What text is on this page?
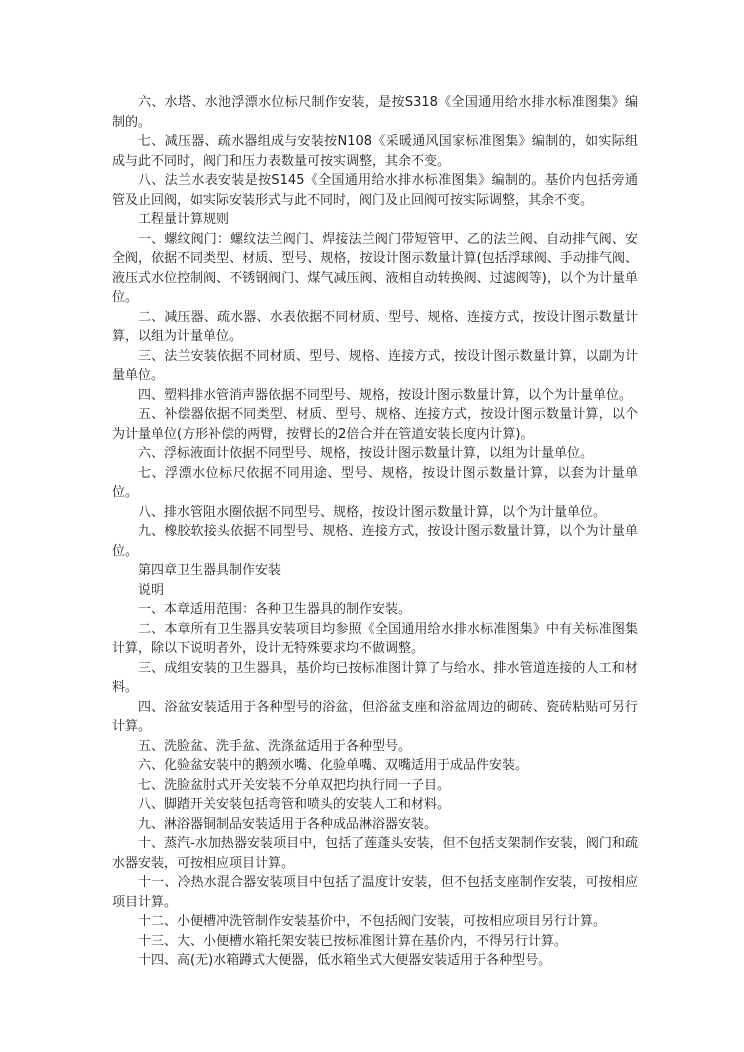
六、水塔、水池浮漂水位标尺制作安装，是按S318《全国通用给水排水标准图集》编制的。

七、减压器、疏水器组成与安装按N108《采暖通风国家标准图集》编制的，如实际组成与此不同时，阀门和压力表数量可按实调整，其余不变。

八、法兰水表安装是按S145《全国通用给水排水标准图集》编制的。基价内包括旁通管及止回阀，如实际安装形式与此不同时，阀门及止回阀可按实际调整，其余不变。

工程量计算规则

一、螺纹阀门：螺纹法兰阀门、焊接法兰阀门带短管甲、乙的法兰阀、自动排气阀、安全阀，依据不同类型、材质、型号、规格，按设计图示数量计算(包括浮球阀、手动排气阀、液压式水位控制阀、不锈钢阀门、煤气减压阀、液相自动转换阀、过滤阀等)，以个为计量单位。

二、减压器、疏水器、水表依据不同材质、型号、规格、连接方式，按设计图示数量计算，以组为计量单位。

三、法兰安装依据不同材质、型号、规格、连接方式，按设计图示数量计算，以副为计量单位。

四、塑料排水管消声器依据不同型号、规格，按设计图示数量计算，以个为计量单位。

五、补偿器依据不同类型、材质、型号、规格、连接方式，按设计图示数量计算，以个为计量单位(方形补偿的两臂，按臂长的2倍合并在管道安装长度内计算)。

六、浮标液面计依据不同型号、规格，按设计图示数量计算，以组为计量单位。

七、浮漂水位标尺依据不同用途、型号、规格，按设计图示数量计算，以套为计量单位。

八、排水管阻水圈依据不同型号、规格，按设计图示数量计算，以个为计量单位。

九、橡胶软接头依据不同型号、规格、连接方式，按设计图示数量计算，以个为计量单位。

第四章卫生器具制作安装

说明

一、本章适用范围：各种卫生器具的制作安装。

二、本章所有卫生器具安装项目均参照《全国通用给水排水标准图集》中有关标准图集计算，除以下说明者外，设计无特殊要求均不做调整。

三、成组安装的卫生器具，基价均已按标准图计算了与给水、排水管道连接的人工和材料。

四、浴盆安装适用于各种型号的浴盆，但浴盆支座和浴盆周边的砌砖、瓷砖粘贴可另行计算。

五、洗脸盆、洗手盆、洗涤盆适用于各种型号。

六、化验盆安装中的鹅颈水嘴、化验单嘴、双嘴适用于成品件安装。

七、洗脸盆肘式开关安装不分单双把均执行同一子目。

八、脚踏开关安装包括弯管和喷头的安装人工和材料。

九、淋浴器铜制品安装适用于各种成品淋浴器安装。

十、蒸汽-水加热器安装项目中，包括了莲蓬头安装，但不包括支架制作安装，阀门和疏水器安装，可按相应项目计算。

十一、冷热水混合器安装项目中包括了温度计安装，但不包括支座制作安装，可按相应项目计算。

十二、小便槽冲洗管制作安装基价中，不包括阀门安装，可按相应项目另行计算。

十三、大、小便槽水箱托架安装已按标准图计算在基价内，不得另行计算。

十四、高(无)水箱蹲式大便器，低水箱坐式大便器安装适用于各种型号。
